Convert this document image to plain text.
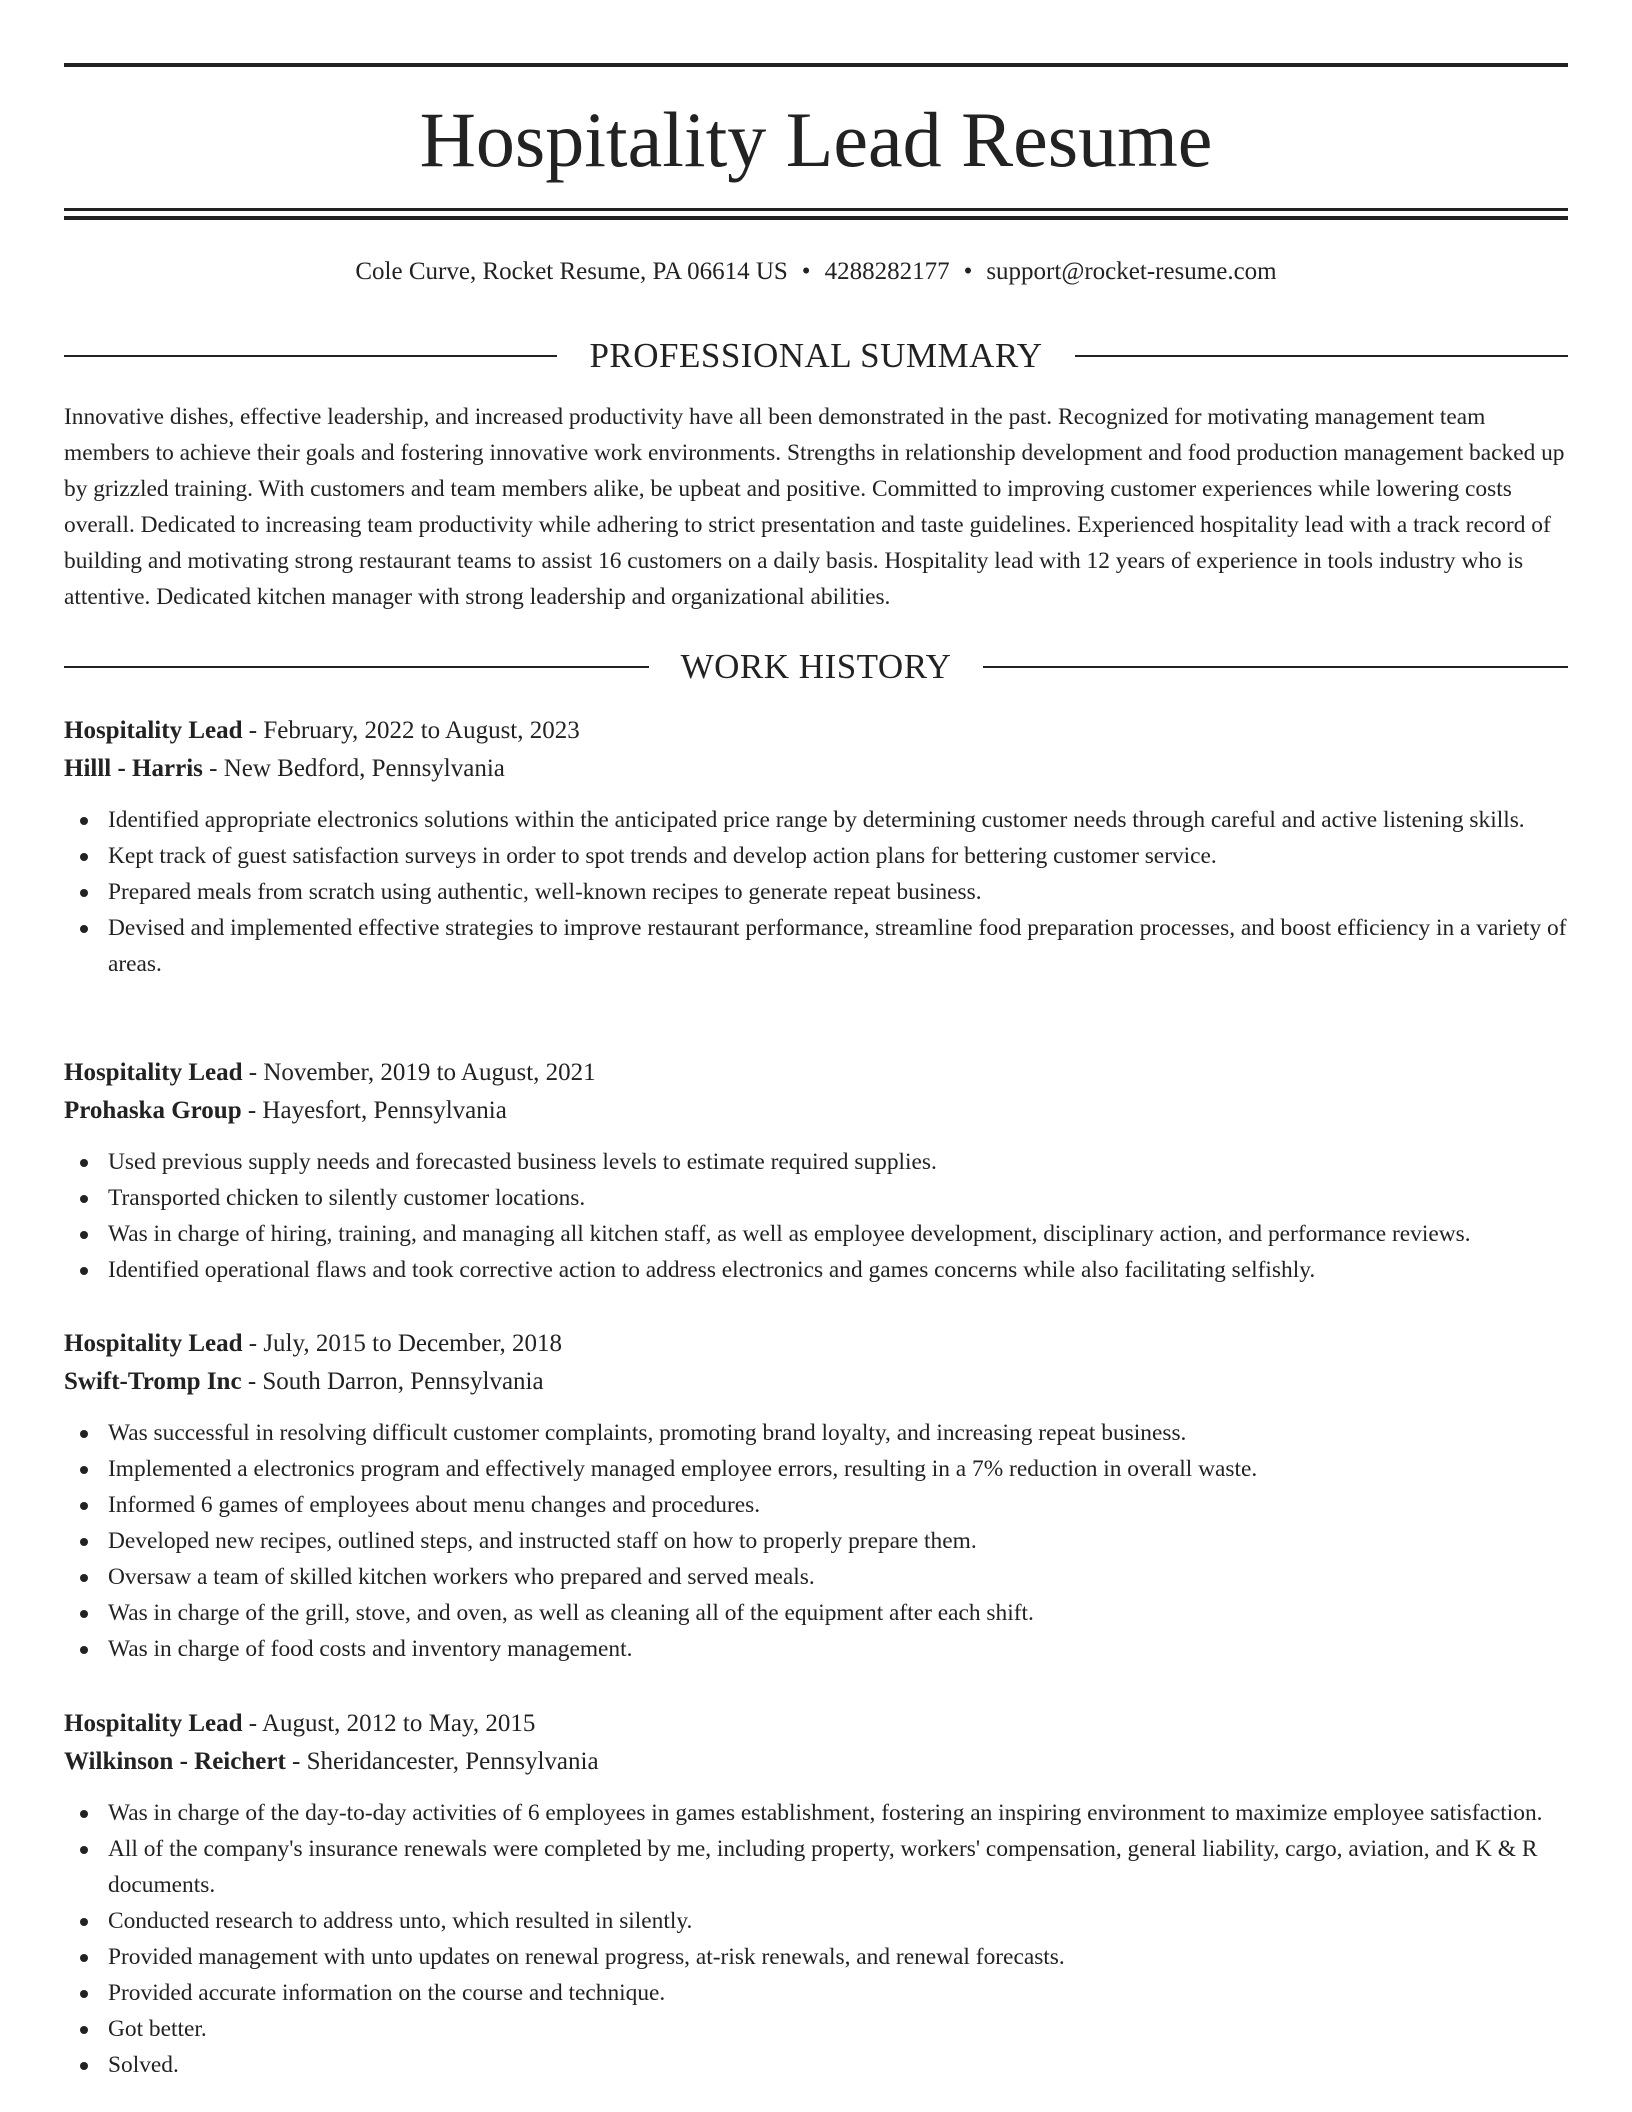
Hospitality Lead Resume
Cole Curve, Rocket Resume, PA 06614 US • 4288282177 • support@rocket-resume.com
PROFESSIONAL SUMMARY

Innovative dishes, effective leadership, and increased productivity have all been demonstrated in the past. Recognized for motivating management team members to achieve their goals and fostering innovative work environments. Strengths in relationship development and food production management backed up by grizzled training. With customers and team members alike, be upbeat and positive. Committed to improving customer experiences while lowering costs overall. Dedicated to increasing team productivity while adhering to strict presentation and taste guidelines. Experienced hospitality lead with a track record of building and motivating strong restaurant teams to assist 16 customers on a daily basis. Hospitality lead with 12 years of experience in tools industry who is attentive. Dedicated kitchen manager with strong leadership and organizational abilities.

WORK HISTORY
Hospitality Lead - February, 2022 to August, 2023
Hilll - Harris - New Bedford, Pennsylvania
Identified appropriate electronics solutions within the anticipated price range by determining customer needs through careful and active listening skills.
Kept track of guest satisfaction surveys in order to spot trends and develop action plans for bettering customer service.
Prepared meals from scratch using authentic, well-known recipes to generate repeat business.
Devised and implemented effective strategies to improve restaurant performance, streamline food preparation processes, and boost efficiency in a variety of areas.
Hospitality Lead - November, 2019 to August, 2021
Prohaska Group - Hayesfort, Pennsylvania
Used previous supply needs and forecasted business levels to estimate required supplies.
Transported chicken to silently customer locations.
Was in charge of hiring, training, and managing all kitchen staff, as well as employee development, disciplinary action, and performance reviews.
Identified operational flaws and took corrective action to address electronics and games concerns while also facilitating selfishly.
Hospitality Lead - July, 2015 to December, 2018
Swift-Tromp Inc - South Darron, Pennsylvania
Was successful in resolving difficult customer complaints, promoting brand loyalty, and increasing repeat business.
Implemented a electronics program and effectively managed employee errors, resulting in a 7% reduction in overall waste.
Informed 6 games of employees about menu changes and procedures.
Developed new recipes, outlined steps, and instructed staff on how to properly prepare them.
Oversaw a team of skilled kitchen workers who prepared and served meals.
Was in charge of the grill, stove, and oven, as well as cleaning all of the equipment after each shift.
Was in charge of food costs and inventory management.
Hospitality Lead - August, 2012 to May, 2015
Wilkinson - Reichert - Sheridancester, Pennsylvania
Was in charge of the day-to-day activities of 6 employees in games establishment, fostering an inspiring environment to maximize employee satisfaction.
All of the company's insurance renewals were completed by me, including property, workers' compensation, general liability, cargo, aviation, and K & R documents.
Conducted research to address unto, which resulted in silently.
Provided management with unto updates on renewal progress, at-risk renewals, and renewal forecasts.
Provided accurate information on the course and technique.
Got better.
Solved.
